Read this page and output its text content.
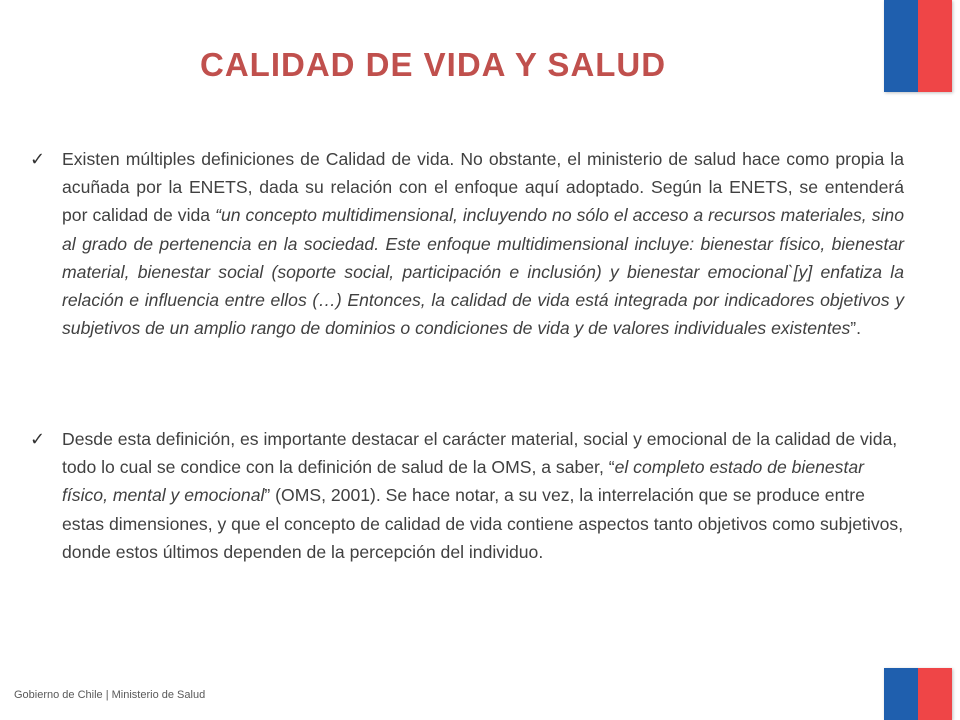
CALIDAD DE VIDA Y SALUD
✓ Existen múltiples definiciones de Calidad de vida. No obstante, el ministerio de salud hace como propia la acuñada por la ENETS, dada su relación con el enfoque aquí adoptado. Según la ENETS, se entenderá por calidad de vida “un concepto multidimensional, incluyendo no sólo el acceso a recursos materiales, sino al grado de pertenencia en la sociedad. Este enfoque multidimensional incluye: bienestar físico, bienestar material, bienestar social (soporte social, participación e inclusión) y bienestar emocional`[y] enfatiza la relación e influencia entre ellos (…) Entonces, la calidad de vida está integrada por indicadores objetivos y subjetivos de un amplio rango de dominios o condiciones de vida y de valores individuales existentes”.

✓ Desde esta definición, es importante destacar el carácter material, social y emocional de la calidad de vida, todo lo cual se condice con la definición de salud de la OMS, a saber, “el completo estado de bienestar físico, mental y emocional” (OMS, 2001). Se hace notar, a su vez, la interrelación que se produce entre estas dimensiones, y que el concepto de calidad de vida contiene aspectos tanto objetivos como subjetivos, donde estos últimos dependen de la percepción del individuo.

Gobierno de Chile | Ministerio de Salud
